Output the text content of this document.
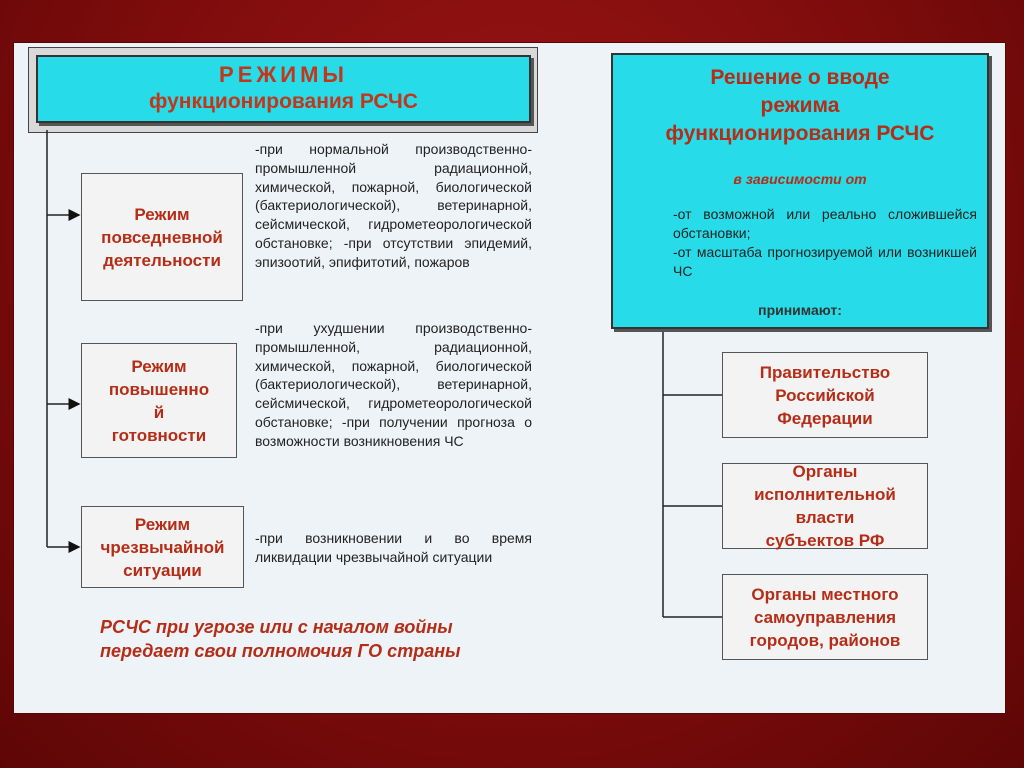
РЕЖИМЫ
функционирования РСЧС
Режим
повседневной
деятельности
Режим
повышенно
й
готовности
Режим
чрезвычайной
ситуации
-при нормальной производственно-промышленной радиационной, химической, пожарной, биологической (бактериологической), ветеринарной, сейсмической, гидрометеорологической обстановке; -при отсутствии эпидемий, эпизоотий, эпифитотий, пожаров
-при ухудшении производственно-промышленной, радиационной, химической, пожарной, биологической (бактериологической), ветеринарной, сейсмической, гидрометеорологической обстановке; -при получении прогноза о возможности возникновения ЧС
-при возникновении и во время ликвидации чрезвычайной ситуации
Решение о вводе
режима
функционирования РСЧС
в зависимости от
-от возможной или реально сложившейся обстановки;
-от масштаба прогнозируемой или возникшей ЧС
принимают:
Правительство
Российской
Федерации
Органы
исполнительной
власти
субъектов РФ
Органы местного
самоуправления
городов, районов
РСЧС при угрозе или с началом войны
передает свои полномочия ГО страны
